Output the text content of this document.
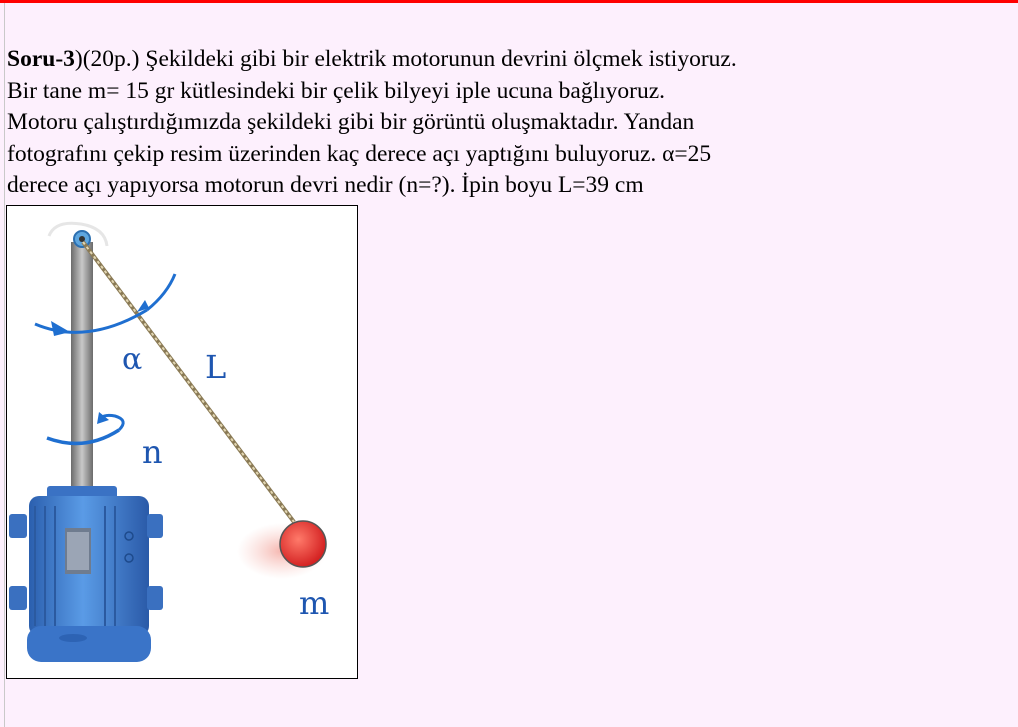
Soru-3)(20p.) Şekildeki gibi bir elektrik motorunun devrini ölçmek istiyoruz.

Bir tane m= 15 gr kütlesindeki bir çelik bilyeyi iple ucuna bağlıyoruz.

Motoru çalıştırdığımızda şekildeki gibi bir görüntü oluşmaktadır. Yandan

fotografını çekip resim üzerinden kaç derece açı yaptığını buluyoruz. α=25

derece açı yapıyorsa motorun devri nedir (n=?). İpin boyu L=39 cm

α L
n
m
